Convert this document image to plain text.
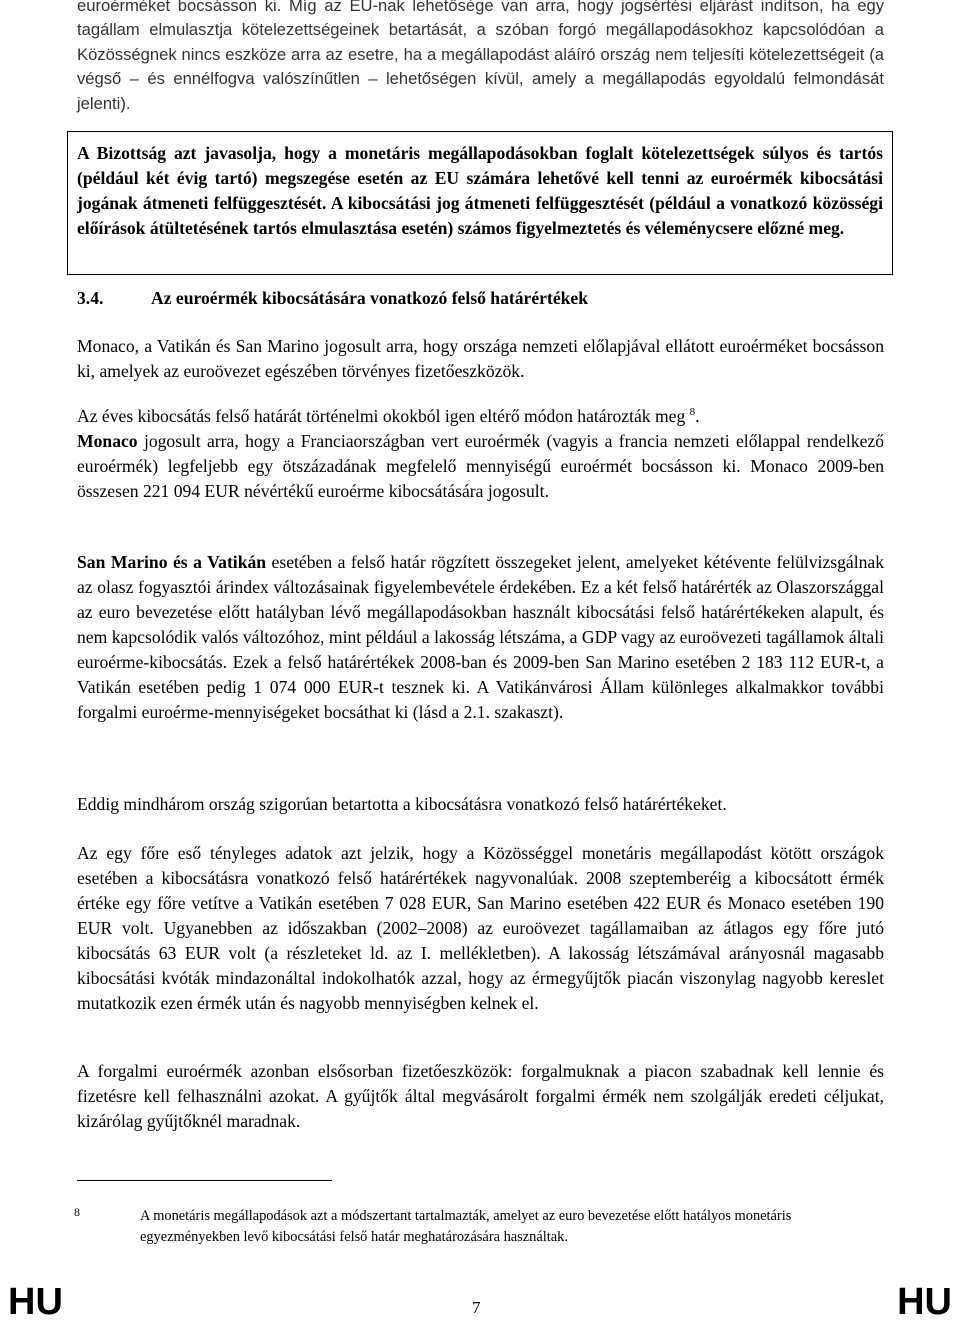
euroérméket bocsásson ki. Míg az EU-nak lehetősége van arra, hogy jogsértési eljárást indítson, ha egy tagállam elmulasztja kötelezettségeinek betartását, a szóban forgó megállapodásokhoz kapcsolódóan a Közösségnek nincs eszköze arra az esetre, ha a megállapodást aláíró ország nem teljesíti kötelezettségeit (a végső – és ennélfogva valószínűtlen – lehetőségen kívül, amely a megállapodás egyoldalú felmondását jelenti).

A Bizottság azt javasolja, hogy a monetáris megállapodásokban foglalt kötelezettségek súlyos és tartós (például két évig tartó) megszegése esetén az EU számára lehetővé kell tenni az euroérmék kibocsátási jogának átmeneti felfüggesztését. A kibocsátási jog átmeneti felfüggesztését (például a vonatkozó közösségi előírások átültetésének tartós elmulasztása esetén) számos figyelmeztetés és véleménycsere előzné meg.

3.4.	Az euroérmék kibocsátására vonatkozó felső határértékek

Monaco, a Vatikán és San Marino jogosult arra, hogy országa nemzeti előlapjával ellátott euroérméket bocsásson ki, amelyek az euroövezet egészében törvényes fizetőeszközök.

Az éves kibocsátás felső határát történelmi okokból igen eltérő módon határozták meg $^8$.
Monaco jogosult arra, hogy a Franciaországban vert euroérmék (vagyis a francia nemzeti előlappal rendelkező euroérmék) legfeljebb egy ötszázadának megfelelő mennyiségű euroérmét bocsásson ki. Monaco 2009-ben összesen 221 094 EUR névértékű euroérme kibocsátására jogosult.

San Marino és a Vatikán esetében a felső határ rögzített összegeket jelent, amelyeket kétévente felülvizsgálnak az olasz fogyasztói árindex változásainak figyelembevétele érdekében. Ez a két felső határérték az Olaszországgal az euro bevezetése előtt hatályban lévő megállapodásokban használt kibocsátási felső határértékeken alapult, és nem kapcsolódik valós változóhoz, mint például a lakosság létszáma, a GDP vagy az euroövezeti tagállamok általi euroérme-kibocsátás. Ezek a felső határértékek 2008-ban és 2009-ben San Marino esetében 2 183 112 EUR-t, a Vatikán esetében pedig 1 074 000 EUR-t tesznek ki. A Vatikánvárosi Állam különleges alkalmakkor további forgalmi euroérme-mennyiségeket bocsáthat ki (lásd a 2.1. szakaszt).

Eddig mindhárom ország szigorúan betartotta a kibocsátásra vonatkozó felső határértékeket.

Az egy főre eső tényleges adatok azt jelzik, hogy a Közösséggel monetáris megállapodást kötött országok esetében a kibocsátásra vonatkozó felső határértékek nagyvonalúak. 2008 szeptemberéig a kibocsátott érmék értéke egy főre vetítve a Vatikán esetében 7 028 EUR, San Marino esetében 422 EUR és Monaco esetében 190 EUR volt. Ugyanebben az időszakban (2002–2008) az euroövezet tagállamaiban az átlagos egy főre jutó kibocsátás 63 EUR volt (a részleteket ld. az I. mellékletben). A lakosság létszámával arányosnál magasabb kibocsátási kvóták mindazonáltal indokolhatók azzal, hogy az érmegyűjtők piacán viszonylag nagyobb kereslet mutatkozik ezen érmék után és nagyobb mennyiségben kelnek el.

A forgalmi euroérmék azonban elsősorban fizetőeszközök: forgalmuknak a piacon szabadnak kell lennie és fizetésre kell felhasználni azokat. A gyűjtők által megvásárolt forgalmi érmék nem szolgálják eredeti céljukat, kizárólag gyűjtőknél maradnak.

8	A monetáris megállapodások azt a módszertant tartalmazták, amelyet az euro bevezetése előtt hatályos monetáris egyezményekben levő kibocsátási felső határ meghatározására használtak.
HU	7	HU
